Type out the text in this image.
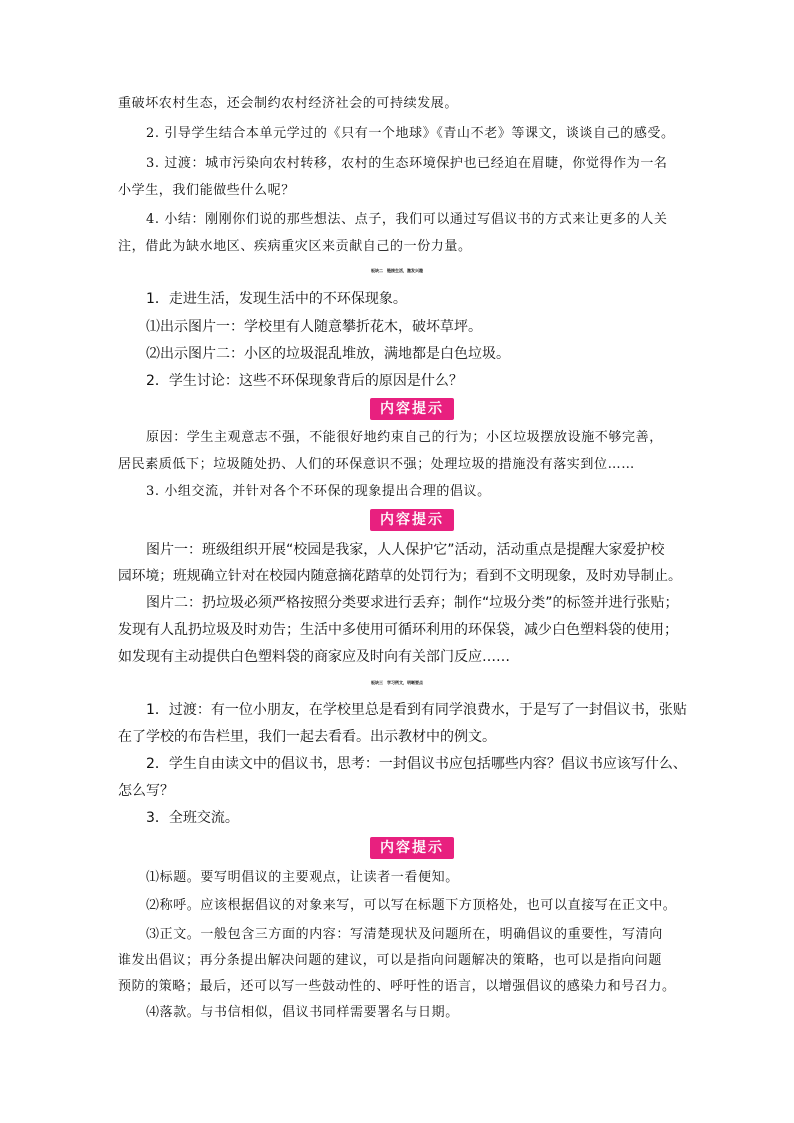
重破坏农村生态，还会制约农村经济社会的可持续发展。
2. 引导学生结合本单元学过的《只有一个地球》《青山不老》等课文，谈谈自己的感受。
3. 过渡：城市污染向农村转移，农村的生态环境保护也已经迫在眉睫，你觉得作为一名
小学生，我们能做些什么呢？
4. 小结：刚刚你们说的那些想法、点子，我们可以通过写倡议书的方式来让更多的人关
注，借此为缺水地区、疾病重灾区来贡献自己的一份力量。
板块二　链接生活，激发兴趣
1．走进生活，发现生活中的不环保现象。
⑴出示图片一：学校里有人随意攀折花木，破坏草坪。
⑵出示图片二：小区的垃圾混乱堆放，满地都是白色垃圾。
2．学生讨论：这些不环保现象背后的原因是什么？
内容提示
原因：学生主观意志不强，不能很好地约束自己的行为；小区垃圾摆放设施不够完善，
居民素质低下；垃圾随处扔、人们的环保意识不强；处理垃圾的措施没有落实到位……
3. 小组交流，并针对各个不环保的现象提出合理的倡议。
内容提示
图片一：班级组织开展“校园是我家，人人保护它”活动，活动重点是提醒大家爱护校
园环境；班规确立针对在校园内随意摘花踏草的处罚行为；看到不文明现象，及时劝导制止。
图片二：扔垃圾必须严格按照分类要求进行丢弃；制作“垃圾分类”的标签并进行张贴；
发现有人乱扔垃圾及时劝告；生活中多使用可循环利用的环保袋，减少白色塑料袋的使用；
如发现有主动提供白色塑料袋的商家应及时向有关部门反应……
板块三　学习例文，明晰要点
1．过渡：有一位小朋友，在学校里总是看到有同学浪费水，于是写了一封倡议书，张贴
在了学校的布告栏里，我们一起去看看。出示教材中的例文。
2．学生自由读文中的倡议书，思考：一封倡议书应包括哪些内容？倡议书应该写什么、
怎么写？
3．全班交流。
内容提示
⑴标题。要写明倡议的主要观点，让读者一看便知。
⑵称呼。应该根据倡议的对象来写，可以写在标题下方顶格处，也可以直接写在正文中。
⑶正文。一般包含三方面的内容：写清楚现状及问题所在，明确倡议的重要性，写清向
谁发出倡议；再分条提出解决问题的建议，可以是指向问题解决的策略，也可以是指向问题
预防的策略；最后，还可以写一些鼓动性的、呼吁性的语言，以增强倡议的感染力和号召力。
⑷落款。与书信相似，倡议书同样需要署名与日期。
